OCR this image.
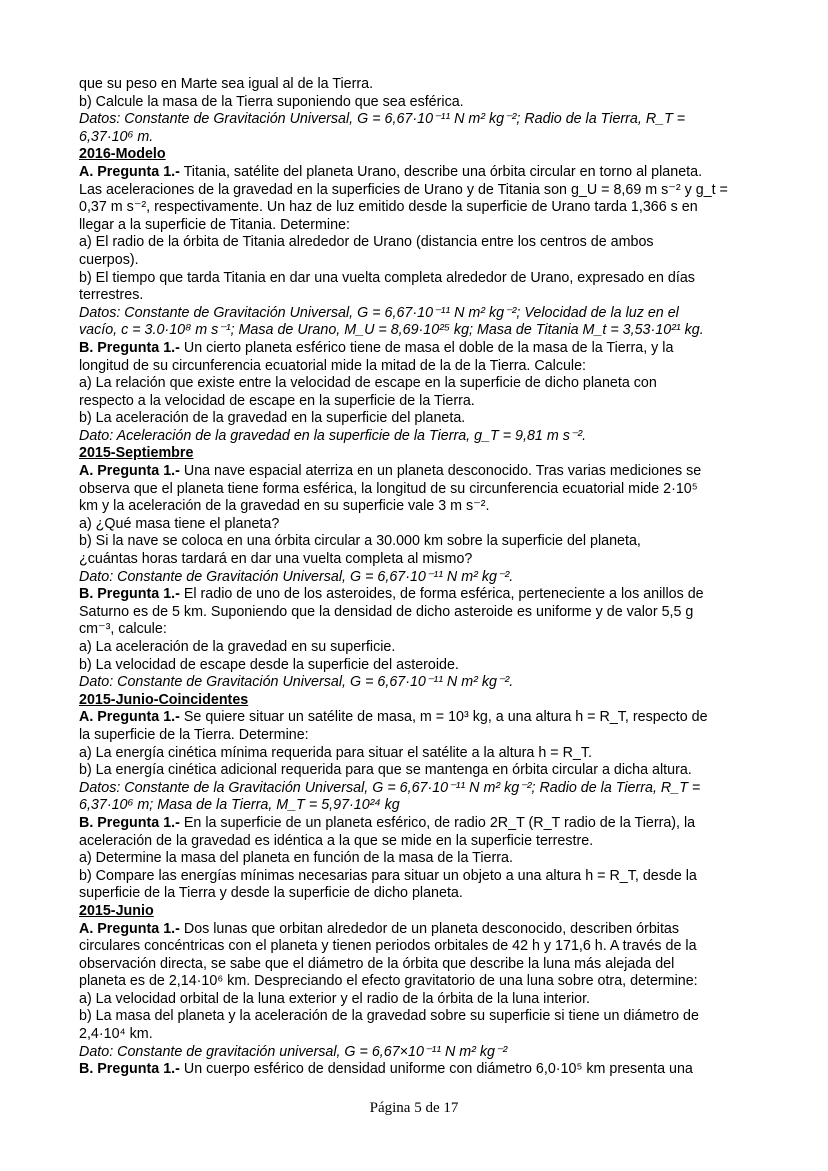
que su peso en Marte sea igual al de la Tierra.
b) Calcule la masa de la Tierra suponiendo que sea esférica.
Datos: Constante de Gravitación Universal, G = 6,67·10⁻¹¹ N m² kg⁻²; Radio de la Tierra, R_T =
6,37·10⁶ m.
2016-Modelo
A. Pregunta 1.- Titania, satélite del planeta Urano, describe una órbita circular en torno al planeta.
Las aceleraciones de la gravedad en la superficies de Urano y de Titania son g_U = 8,69 m s⁻² y g_t =
0,37 m s⁻², respectivamente. Un haz de luz emitido desde la superficie de Urano tarda 1,366 s en
llegar a la superficie de Titania. Determine:
a) El radio de la órbita de Titania alrededor de Urano (distancia entre los centros de ambos
cuerpos).
b) El tiempo que tarda Titania en dar una vuelta completa alrededor de Urano, expresado en días
terrestres.
Datos: Constante de Gravitación Universal, G = 6,67·10⁻¹¹ N m² kg⁻²; Velocidad de la luz en el
vacío, c = 3.0·10⁸ m s⁻¹; Masa de Urano, M_U = 8,69·10²⁵ kg; Masa de Titania M_t = 3,53·10²¹ kg.
B. Pregunta 1.- Un cierto planeta esférico tiene de masa el doble de la masa de la Tierra, y la
longitud de su circunferencia ecuatorial mide la mitad de la de la Tierra. Calcule:
a) La relación que existe entre la velocidad de escape en la superficie de dicho planeta con
respecto a la velocidad de escape en la superficie de la Tierra.
b) La aceleración de la gravedad en la superficie del planeta.
Dato: Aceleración de la gravedad en la superficie de la Tierra, g_T = 9,81 m s⁻².
2015-Septiembre
A. Pregunta 1.- Una nave espacial aterriza en un planeta desconocido. Tras varias mediciones se
observa que el planeta tiene forma esférica, la longitud de su circunferencia ecuatorial mide 2·10⁵
km y la aceleración de la gravedad en su superficie vale 3 m s⁻².
a) ¿Qué masa tiene el planeta?
b) Si la nave se coloca en una órbita circular a 30.000 km sobre la superficie del planeta,
¿cuántas horas tardará en dar una vuelta completa al mismo?
Dato: Constante de Gravitación Universal, G = 6,67·10⁻¹¹ N m² kg⁻².
B. Pregunta 1.- El radio de uno de los asteroides, de forma esférica, perteneciente a los anillos de
Saturno es de 5 km. Suponiendo que la densidad de dicho asteroide es uniforme y de valor 5,5 g
cm⁻³, calcule:
a) La aceleración de la gravedad en su superficie.
b) La velocidad de escape desde la superficie del asteroide.
Dato: Constante de Gravitación Universal, G = 6,67·10⁻¹¹ N m² kg⁻².
2015-Junio-Coincidentes
A. Pregunta 1.- Se quiere situar un satélite de masa, m = 10³ kg, a una altura h = R_T, respecto de
la superficie de la Tierra. Determine:
a) La energía cinética mínima requerida para situar el satélite a la altura h = R_T.
b) La energía cinética adicional requerida para que se mantenga en órbita circular a dicha altura.
Datos: Constante de la Gravitación Universal, G = 6,67·10⁻¹¹ N m² kg⁻²; Radio de la Tierra, R_T =
6,37·10⁶ m; Masa de la Tierra, M_T = 5,97·10²⁴ kg
B. Pregunta 1.- En la superficie de un planeta esférico, de radio 2R_T (R_T radio de la Tierra), la
aceleración de la gravedad es idéntica a la que se mide en la superficie terrestre.
a) Determine la masa del planeta en función de la masa de la Tierra.
b) Compare las energías mínimas necesarias para situar un objeto a una altura h = R_T, desde la
superficie de la Tierra y desde la superficie de dicho planeta.
2015-Junio
A. Pregunta 1.- Dos lunas que orbitan alrededor de un planeta desconocido, describen órbitas
circulares concéntricas con el planeta y tienen periodos orbitales de 42 h y 171,6 h. A través de la
observación directa, se sabe que el diámetro de la órbita que describe la luna más alejada del
planeta es de 2,14·10⁶ km. Despreciando el efecto gravitatorio de una luna sobre otra, determine:
a) La velocidad orbital de la luna exterior y el radio de la órbita de la luna interior.
b) La masa del planeta y la aceleración de la gravedad sobre su superficie si tiene un diámetro de
2,4·10⁴ km.
Dato: Constante de gravitación universal, G = 6,67×10⁻¹¹ N m² kg⁻²
B. Pregunta 1.- Un cuerpo esférico de densidad uniforme con diámetro 6,0·10⁵ km presenta una
Página 5 de 17
